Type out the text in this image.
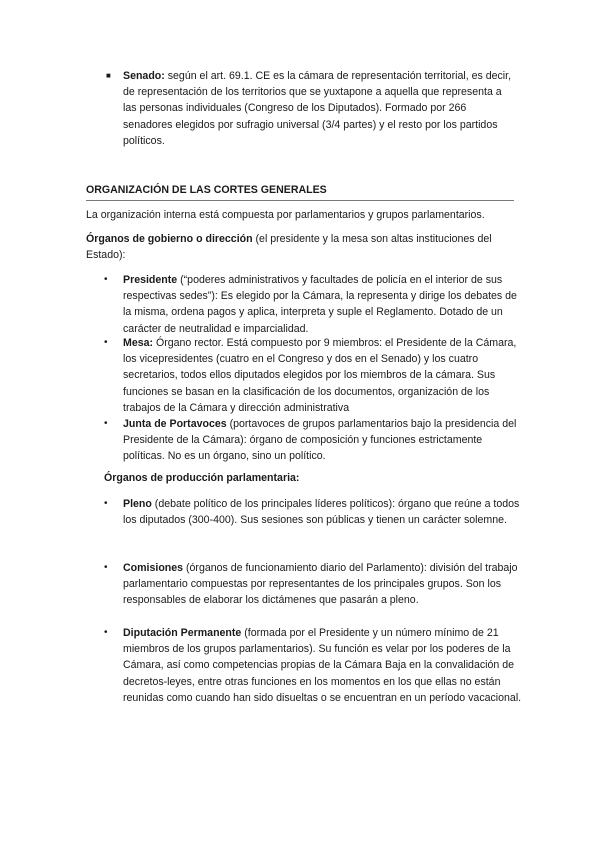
■ Senado: según el art. 69.1. CE es la cámara de representación territorial, es decir, de representación de los territorios que se yuxtapone a aquella que representa a las personas individuales (Congreso de los Diputados). Formado por 266 senadores elegidos por sufragio universal (3/4 partes) y el resto por los partidos políticos.
ORGANIZACIÓN DE LAS CORTES GENERALES
La organización interna está compuesta por parlamentarios y grupos parlamentarios.
Órganos de gobierno o dirección (el presidente y la mesa son altas instituciones del Estado):
• Presidente (“poderes administrativos y facultades de policía en el interior de sus respectivas sedes”): Es elegido por la Cámara, la representa y dirige los debates de la misma, ordena pagos y aplica, interpreta y suple el Reglamento. Dotado de un carácter de neutralidad e imparcialidad.
• Mesa: Órgano rector. Está compuesto por 9 miembros: el Presidente de la Cámara, los vicepresidentes (cuatro en el Congreso y dos en el Senado) y los cuatro secretarios, todos ellos diputados elegidos por los miembros de la cámara. Sus funciones se basan en la clasificación de los documentos, organización de los trabajos de la Cámara y dirección administrativa
• Junta de Portavoces (portavoces de grupos parlamentarios bajo la presidencia del Presidente de la Cámara): órgano de composición y funciones estrictamente políticas. No es un órgano, sino un político.
Órganos de producción parlamentaria:
• Pleno (debate político de los principales líderes políticos): órgano que reúne a todos los diputados (300-400). Sus sesiones son públicas y tienen un carácter solemne.
• Comisiones (órganos de funcionamiento diario del Parlamento): división del trabajo parlamentario compuestas por representantes de los principales grupos. Son los responsables de elaborar los dictámenes que pasarán a pleno.
• Diputación Permanente (formada por el Presidente y un número mínimo de 21 miembros de los grupos parlamentarios). Su función es velar por los poderes de la Cámara, así como competencias propias de la Cámara Baja en la convalidación de decretos-leyes, entre otras funciones en los momentos en los que ellas no están reunidas como cuando han sido disueltas o se encuentran en un período vacacional.
